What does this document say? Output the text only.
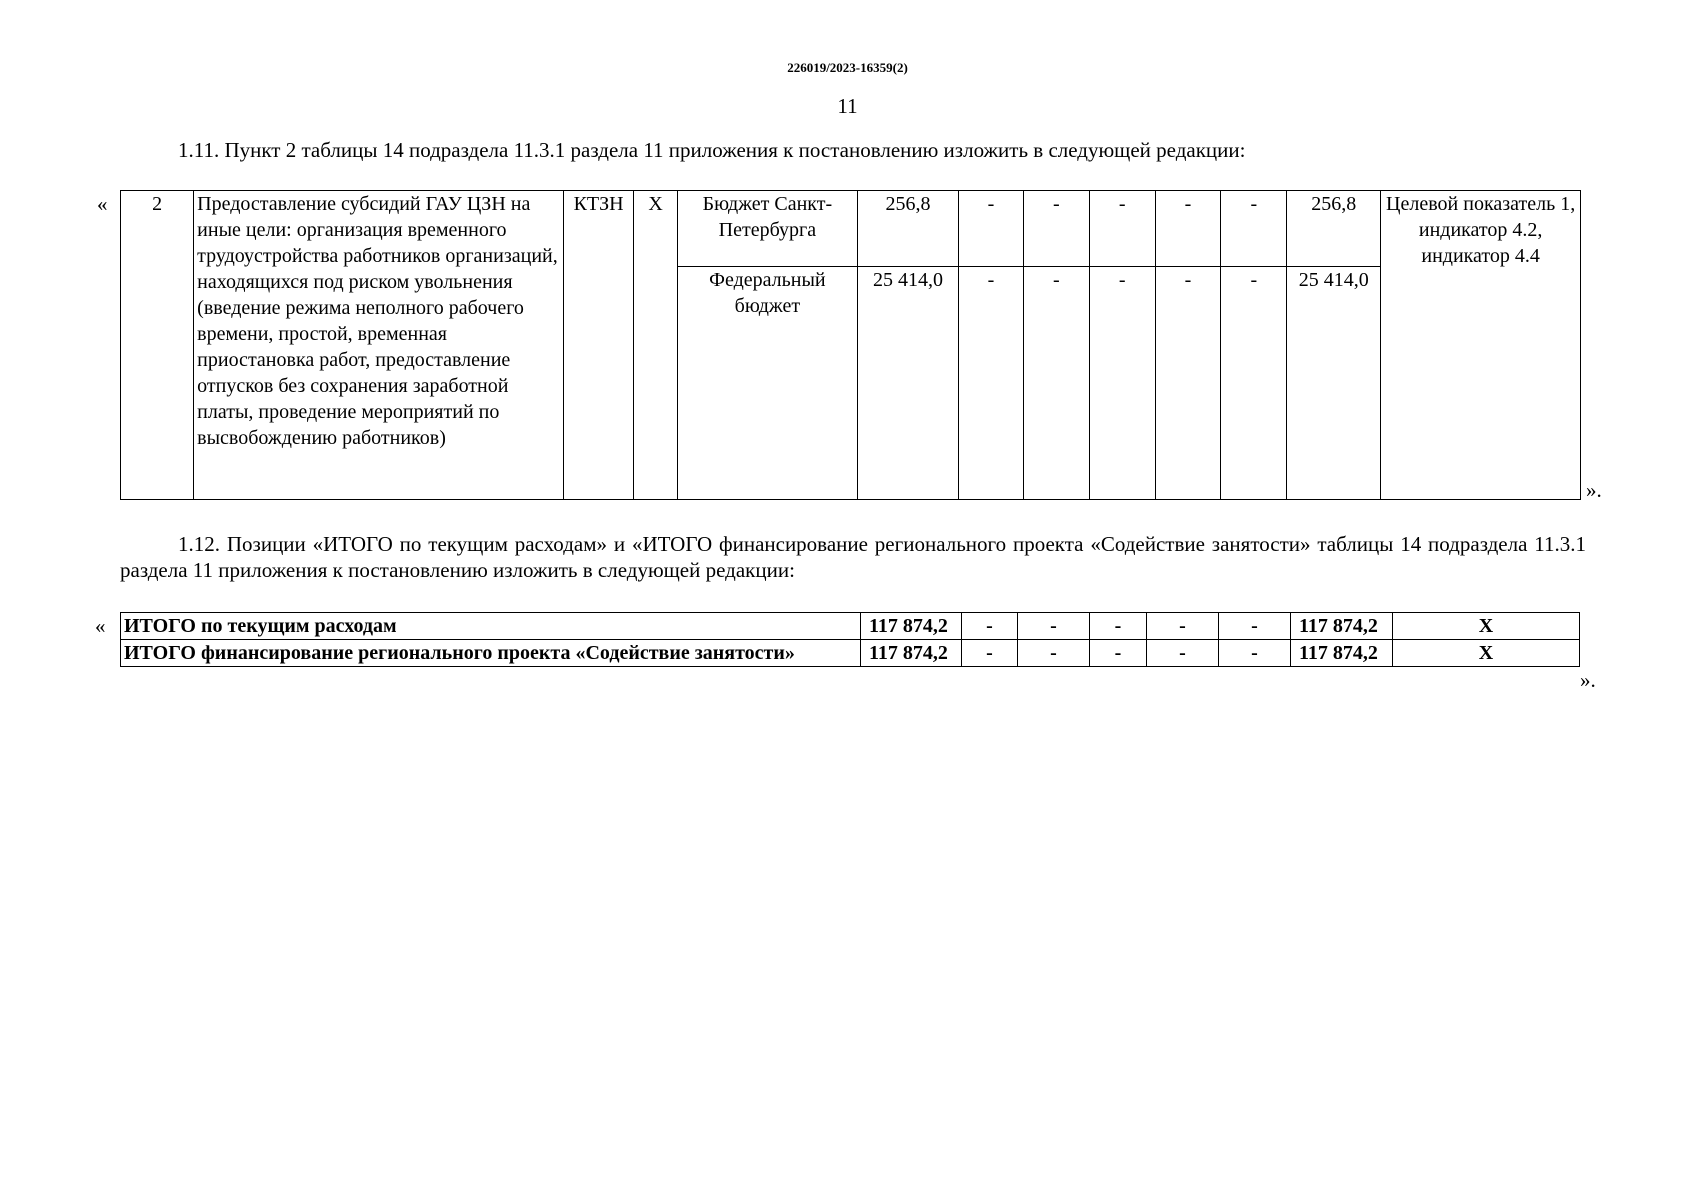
226019/2023-16359(2)
11
1.11. Пункт 2 таблицы 14 подраздела 11.3.1 раздела 11 приложения к постановлению изложить в следующей редакции:
« 2	Предоставление субсидий ГАУ ЦЗН на иные цели: организация временного трудоустройства работников организаций, находящихся под риском увольнения (введение режима неполного рабочего времени, простой, временная приостановка работ, предоставление отпусков без сохранения заработной платы, проведение мероприятий по высвобождению работников)	КТЗН	Х	Бюджет Санкт-Петербурга	256,8	-	-	-	-	-	256,8	Целевой показатель 1, индикатор 4.2, индикатор 4.4
				Федеральный бюджет	25 414,0	-	-	-	-	-	25 414,0	
».
1.12. Позиции «ИТОГО по текущим расходам» и «ИТОГО финансирование регионального проекта «Содействие занятости» таблицы 14 подраздела 11.3.1 раздела 11 приложения к постановлению изложить в следующей редакции:
« ИТОГО по текущим расходам	117 874,2	-	-	-	-	-	117 874,2	Х
ИТОГО финансирование регионального проекта «Содействие занятости»	117 874,2	-	-	-	-	-	117 874,2	Х
».
